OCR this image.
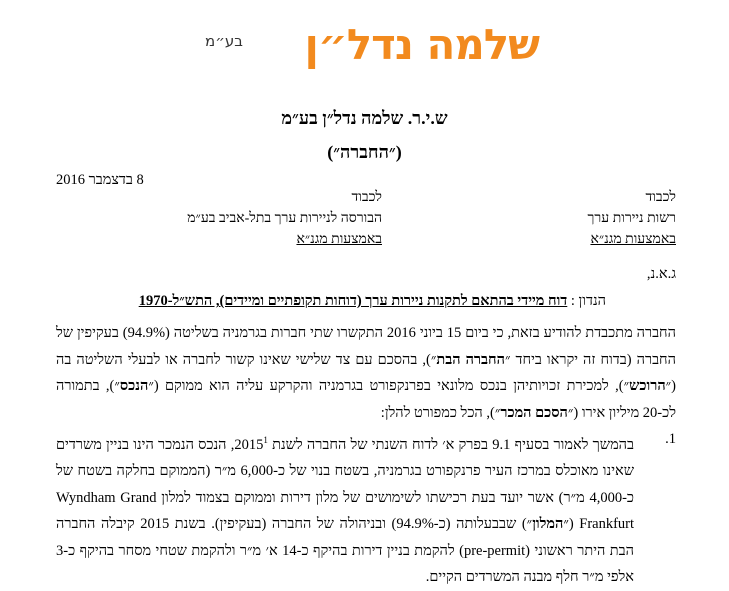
שלמה נדל״ן
בע״מ
ש.י.ר. שלמה נדל״ן בע״מ
(״החברה״)
8 בדצמבר 2016
לכבוד
רשות ניירות ערך
באמצעות מגנ״א
לכבוד
הבורסה לניירות ערך בתל-אביב בע״מ
באמצעות מגנ״א
ג.א.נ,
הנדון : דוח מיידי בהתאם לתקנות ניירות ערך (דוחות תקופתיים ומיידים), התש״ל-1970
החברה מתכבדת להודיע בזאת, כי ביום 15 ביוני 2016 התקשרו שתי חברות בגרמניה בשליטה (94.9%) בעקיפין של החברה (בדוח זה יקראו ביחד ״החברה הבת״), בהסכם עם צד שלישי שאינו קשור לחברה או לבעלי השליטה בה (״הרוכש״), למכירת זכויותיהן בנכס מלונאי בפרנקפורט בגרמניה והקרקע עליה הוא ממוקם (״הנכס״), בתמורה לכ-20 מיליון אירו (״הסכם המכר״), הכל כמפורט להלן:
1.
בהמשך לאמור בסעיף 9.1 בפרק א׳ לדוח השנתי של החברה לשנת 2015$^1$, הנכס הנמכר הינו בניין משרדים שאינו מאוכלס במרכז העיר פרנקפורט בגרמניה, בשטח בנוי של כ-6,000 מ״ר (הממוקם בחלקה בשטח של כ-4,000 מ״ר) אשר יועד בעת רכישתו לשימושים של מלון דירות וממוקם בצמוד למלון Wyndham Grand Frankfurt (״המלון״) שבבעלותה (כ-94.9%) ובניהולה של החברה (בעקיפין). בשנת 2015 קיבלה החברה הבת היתר ראשוני (pre-permit) להקמת בניין דירות בהיקף כ-14 א׳ מ״ר ולהקמת שטחי מסחר בהיקף כ-3 אלפי מ״ר חלף מבנה המשרדים הקיים.
